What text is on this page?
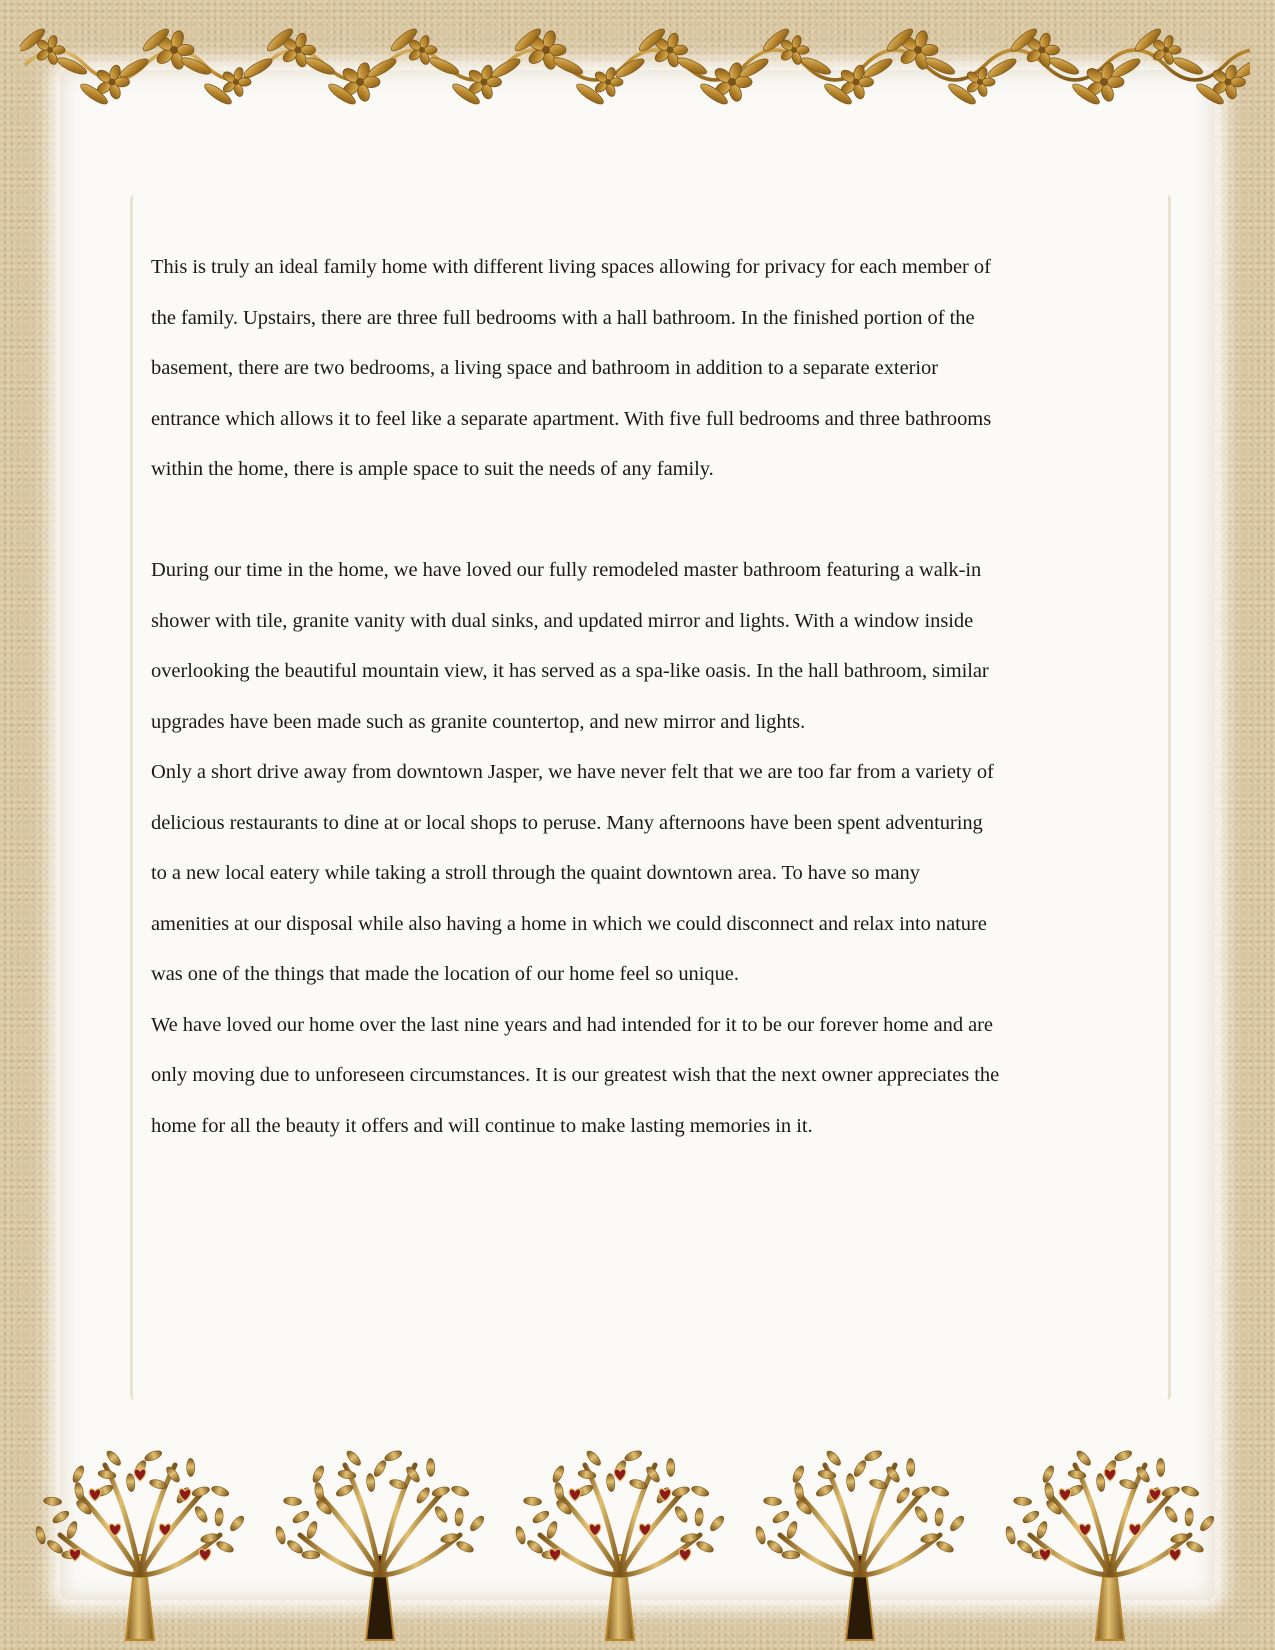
This is truly an ideal family home with different living spaces allowing for privacy for each member of the family. Upstairs, there are three full bedrooms with a hall bathroom. In the finished portion of the basement, there are two bedrooms, a living space and bathroom in addition to a separate exterior entrance which allows it to feel like a separate apartment. With five full bedrooms and three bathrooms within the home, there is ample space to suit the needs of any family.

During our time in the home, we have loved our fully remodeled master bathroom featuring a walk-in shower with tile, granite vanity with dual sinks, and updated mirror and lights. With a window inside overlooking the beautiful mountain view, it has served as a spa-like oasis. In the hall bathroom, similar upgrades have been made such as granite countertop, and new mirror and lights.

Only a short drive away from downtown Jasper, we have never felt that we are too far from a variety of delicious restaurants to dine at or local shops to peruse. Many afternoons have been spent adventuring to a new local eatery while taking a stroll through the quaint downtown area. To have so many amenities at our disposal while also having a home in which we could disconnect and relax into nature was one of the things that made the location of our home feel so unique.

We have loved our home over the last nine years and had intended for it to be our forever home and are only moving due to unforeseen circumstances. It is our greatest wish that the next owner appreciates the home for all the beauty it offers and will continue to make lasting memories in it.
